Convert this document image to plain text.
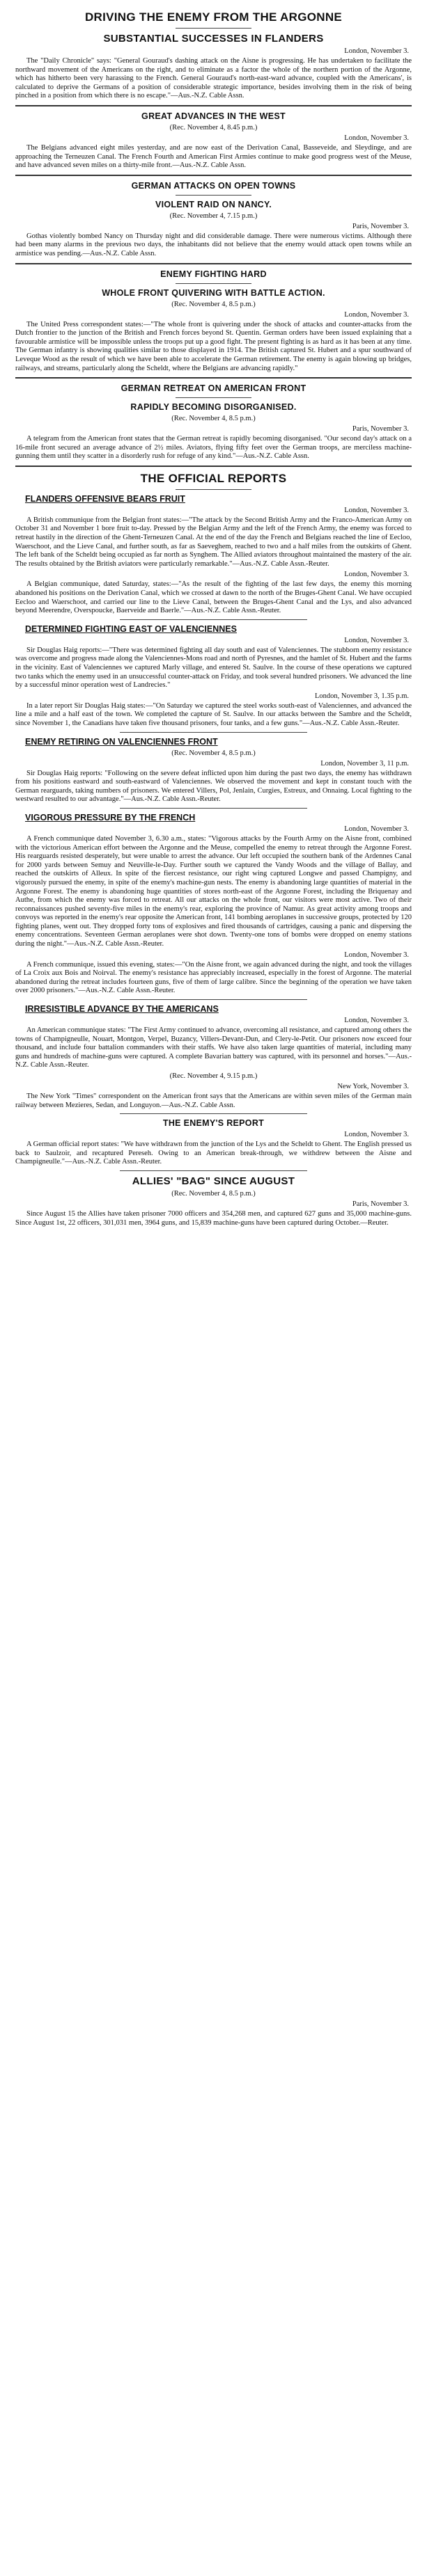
DRIVING THE ENEMY FROM THE ARGONNE
SUBSTANTIAL SUCCESSES IN FLANDERS
London, November 3.

The "Daily Chronicle" says: "General Gouraud's dashing attack on the Aisne is progressing. He has undertaken to facilitate the northward movement of the Americans on the right, and to eliminate as a factor the whole of the northern portion of the Argonne, which has hitherto been very harassing to the French. General Gouraud's north-east-ward advance, coupled with the Americans', is calculated to deprive the Germans of a position of considerable strategic importance, besides involving them in the risk of being pinched in a position from which there is no escape."—Aus.-N.Z. Cable Assn.

GREAT ADVANCES IN THE WEST
(Rec. November 4, 8.45 p.m.)
London, November 3.

The Belgians advanced eight miles yesterday, and are now east of the Derivation Canal, Basseveide, and Sleydinge, and are approaching the Terneuzen Canal. The French Fourth and American First Armies continue to make good progress west of the Meuse, and have advanced seven miles on a thirty-mile front.—Aus.-N.Z. Cable Assn.

GERMAN ATTACKS ON OPEN TOWNS
VIOLENT RAID ON NANCY.
(Rec. November 4, 7.15 p.m.)
Paris, November 3.

Gothas violently bombed Nancy on Thursday night and did considerable damage. There were numerous victims. Although there had been many alarms in the previous two days, the inhabitants did not believe that the enemy would attack open towns while an armistice was pending.—Aus.-N.Z. Cable Assn.

ENEMY FIGHTING HARD
WHOLE FRONT QUIVERING WITH BATTLE ACTION.
(Rec. November 4, 8.5 p.m.)
London, November 3.

The United Press correspondent states:—"The whole front is quivering under the shock of attacks and counter-attacks from the Dutch frontier to the junction of the British and French forces beyond St. Quentin. German orders have been issued explaining that a favourable armistice will be impossible unless the troops put up a good fight. The present fighting is as hard as it has been at any time. The German infantry is showing qualities similar to those displayed in 1914. The British captured St. Hubert and a spur southward of Leveque Wood as the result of which we have been able to accelerate the German retirement. The enemy is again blowing up bridges, railways, and streams, particularly along the Scheldt, where the Belgians are advancing rapidly."

GERMAN RETREAT ON AMERICAN FRONT
RAPIDLY BECOMING DISORGANISED.
(Rec. November 4, 8.5 p.m.)
Paris, November 3.

A telegram from the American front states that the German retreat is rapidly becoming disorganised. "Our second day's attack on a 16-mile front secured an average advance of 2½ miles. Aviators, flying fifty feet over the German troops, are merciless machine-gunning them until they scatter in a disorderly rush for refuge of any kind."—Aus.-N.Z. Cable Assn.

THE OFFICIAL REPORTS
FLANDERS OFFENSIVE BEARS FRUIT
London, November 3.

A British communique from the Belgian front states:—"The attack by the Second British Army and the Franco-American Army on October 31 and November 1 bore fruit to-day. Pressed by the Belgian Army and the left of the French Army, the enemy was forced to retreat hastily in the direction of the Ghent-Terneuzen Canal. At the end of the day the French and Belgians reached the line of Eecloo, Waerschoot, and the Lieve Canal, and further south, as far as Saeveghem, reached to two and a half miles from the outskirts of Ghent. The left bank of the Scheldt being occupied as far north as Synghem. The Allied aviators throughout maintained the mastery of the air. The results obtained by the British aviators were particularly remarkable."—Aus.-N.Z. Cable Assn.-Reuter.

London, November 3.

A Belgian communique, dated Saturday, states:—"As the result of the fighting of the last few days, the enemy this morning abandoned his positions on the Derivation Canal, which we crossed at dawn to the north of the Bruges-Ghent Canal. We have occupied Eecloo and Waerschoot, and carried our line to the Lieve Canal, between the Bruges-Ghent Canal and the Lys, and also advanced beyond Meerendre, Overspoucke, Baerveide and Baerle."—Aus.-N.Z. Cable Assn.-Reuter.

DETERMINED FIGHTING EAST OF VALENCIENNES
London, November 3.

Sir Douglas Haig reports:—"There was determined fighting all day south and east of Valenciennes. The stubborn enemy resistance was overcome and progress made along the Valenciennes-Mons road and north of Pyresnes, and the hamlet of St. Hubert and the farms in the vicinity. East of Valenciennes we captured Marly village, and entered St. Saulve. In the course of these operations we captured two tanks which the enemy used in an unsuccessful counter-attack on Friday, and took several hundred prisoners. We advanced the line by a successful minor operation west of Landrecies."

London, November 3, 1.35 p.m.

In a later report Sir Douglas Haig states:—"On Saturday we captured the steel works south-east of Valenciennes, and advanced the line a mile and a half east of the town. We completed the capture of St. Saulve. In our attacks between the Sambre and the Scheldt, since November 1, the Canadians have taken five thousand prisoners, four tanks, and a few guns."—Aus.-N.Z. Cable Assn.-Reuter.

ENEMY RETIRING ON VALENCIENNES FRONT
(Rec. November 4, 8.5 p.m.)
London, November 3, 11 p.m.

Sir Douglas Haig reports: "Following on the severe defeat inflicted upon him during the past two days, the enemy has withdrawn from his positions eastward and south-eastward of Valenciennes. We observed the movement and kept in constant touch with the German rearguards, taking numbers of prisoners. We entered Villers, Pol, Jenlain, Curgies, Estreux, and Onnaing. Local fighting to the westward resulted to our advantage."—Aus.-N.Z. Cable Assn.-Reuter.

VIGOROUS PRESSURE BY THE FRENCH
London, November 3.

A French communique dated November 3, 6.30 a.m., states: "Vigorous attacks by the Fourth Army on the Aisne front, combined with the victorious American effort between the Argonne and the Meuse, compelled the enemy to retreat through the Argonne Forest. His rearguards resisted desperately, but were unable to arrest the advance. Our left occupied the southern bank of the Ardennes Canal for 2000 yards between Semuy and Neuville-le-Day. Further south we captured the Vandy Woods and the village of Ballay, and reached the outskirts of Alleux. In spite of the fiercest resistance, our right wing captured Longwe and passed Champigny, and vigorously pursued the enemy, in spite of the enemy's machine-gun nests. The enemy is abandoning large quantities of material in the Argonne Forest. The enemy is abandoning huge quantities of stores north-east of the Argonne Forest, including the Briquenay and Authe, from which the enemy was forced to retreat. All our attacks on the whole front, our visitors were most active. Two of their reconnaissances pushed seventy-five miles in the enemy's rear, exploring the province of Namur. As great activity among troops and convoys was reported in the enemy's rear opposite the American front, 141 bombing aeroplanes in successive groups, protected by 120 fighting planes, went out. They dropped forty tons of explosives and fired thousands of cartridges, causing a panic and dispersing the enemy concentrations. Seventeen German aeroplanes were shot down. Twenty-one tons of bombs were dropped on enemy stations during the night."—Aus.-N.Z. Cable Assn.-Reuter.

London, November 3.

A French communique, issued this evening, states:—"On the Aisne front, we again advanced during the night, and took the villages of La Croix aux Bois and Noirval. The enemy's resistance has appreciably increased, especially in the forest of Argonne. The material abandoned during the retreat includes fourteen guns, five of them of large calibre. Since the beginning of the operation we have taken over 2000 prisoners."—Aus.-N.Z. Cable Assn.-Reuter.

IRRESISTIBLE ADVANCE BY THE AMERICANS
London, November 3.

An American communique states: "The First Army continued to advance, overcoming all resistance, and captured among others the towns of Champigneulle, Nouart, Montgon, Verpel, Buzancy, Villers-Devant-Dun, and Clery-le-Petit. Our prisoners now exceed four thousand, and include four battalion commanders with their staffs. We have also taken large quantities of material, including many guns and hundreds of machine-guns were captured. A complete Bavarian battery was captured, with its personnel and horses."—Aus.-N.Z. Cable Assn.-Reuter.

(Rec. November 4, 9.15 p.m.)
New York, November 3.

The New York "Times" correspondent on the American front says that the Americans are within seven miles of the German main railway between Mezieres, Sedan, and Longuyon.—Aus.-N.Z. Cable Assn.

THE ENEMY'S REPORT
London, November 3.

A German official report states: "We have withdrawn from the junction of the Lys and the Scheldt to Ghent. The English pressed us back to Saulzoir, and recaptured Pereseh. Owing to an American break-through, we withdrew between the Aisne and Champigneulle."—Aus.-N.Z. Cable Assn.-Reuter.

ALLIES' "BAG" SINCE AUGUST
(Rec. November 4, 8.5 p.m.)
Paris, November 3.

Since August 15 the Allies have taken prisoner 7000 officers and 354,268 men, and captured 627 guns and 35,000 machine-guns. Since August 1st, 22 officers, 301,031 men, 3964 guns, and 15,839 machine-guns have been captured during October.—Reuter.
